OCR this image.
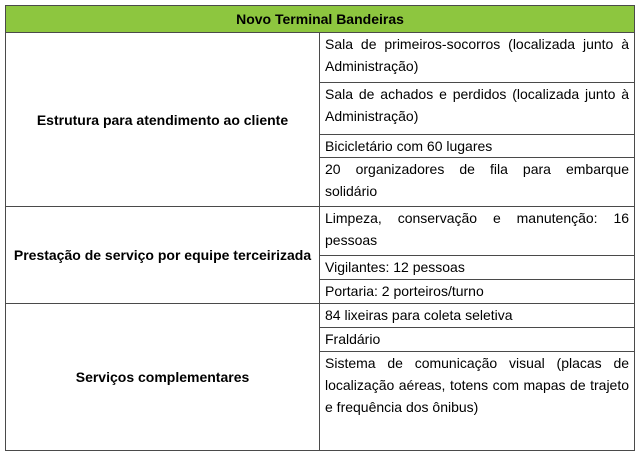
Novo Terminal Bandeiras	
Estrutura para atendimento ao cliente	Sala de primeiros-socorros (localizada junto à Administração)
	Sala de achados e perdidos (localizada junto à Administração)
	Bicicletário com 60 lugares
	20 organizadores de fila para embarque solidário
Prestação de serviço por equipe terceirizada	Limpeza, conservação e manutenção: 16 pessoas
	Vigilantes: 12 pessoas
	Portaria: 2 porteiros/turno
Serviços complementares	84 lixeiras para coleta seletiva
	Fraldário
	Sistema de comunicação visual (placas de localização aéreas, totens com mapas de trajeto e frequência dos ônibus)
